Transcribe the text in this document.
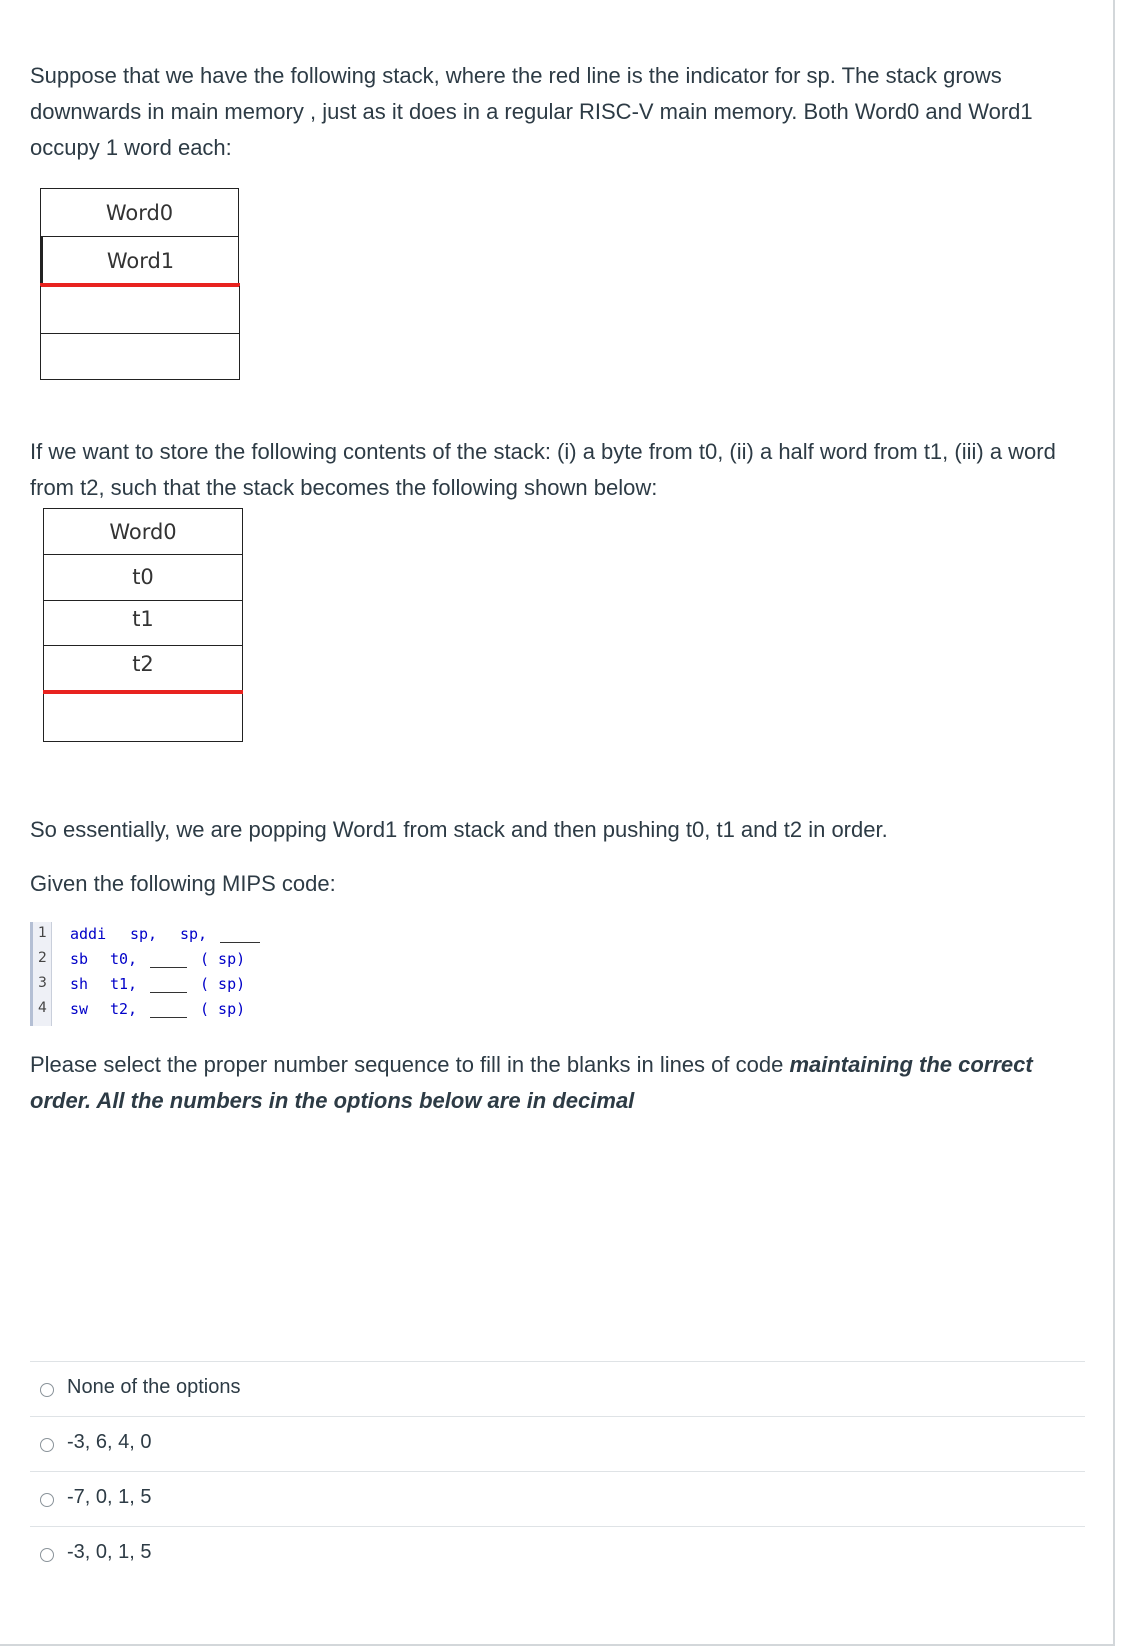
Suppose that we have the following stack, where the red line is the indicator for sp. The stack grows downwards in main memory , just as it does in a regular RISC-V main memory. Both Word0 and Word1 occupy 1 word each:

Word0
Word1

If we want to store the following contents of the stack: (i) a byte from t0, (ii) a half word from t1, (iii) a word from t2, such that the stack becomes the following shown below:

Word0
t0
t1
t2

So essentially, we are popping Word1 from stack and then pushing t0, t1 and t2 in order.

Given the following MIPS code:

1 addi sp, sp,
2 sb t0,	( sp)
3 sh t1,	( sp)
4 sw t2,	( sp)

Please select the proper number sequence to fill in the blanks in lines of code maintaining the correct order. All the numbers in the options below are in decimal

None of the options
-3, 6, 4, 0
-7, 0, 1, 5
-3, 0, 1, 5
